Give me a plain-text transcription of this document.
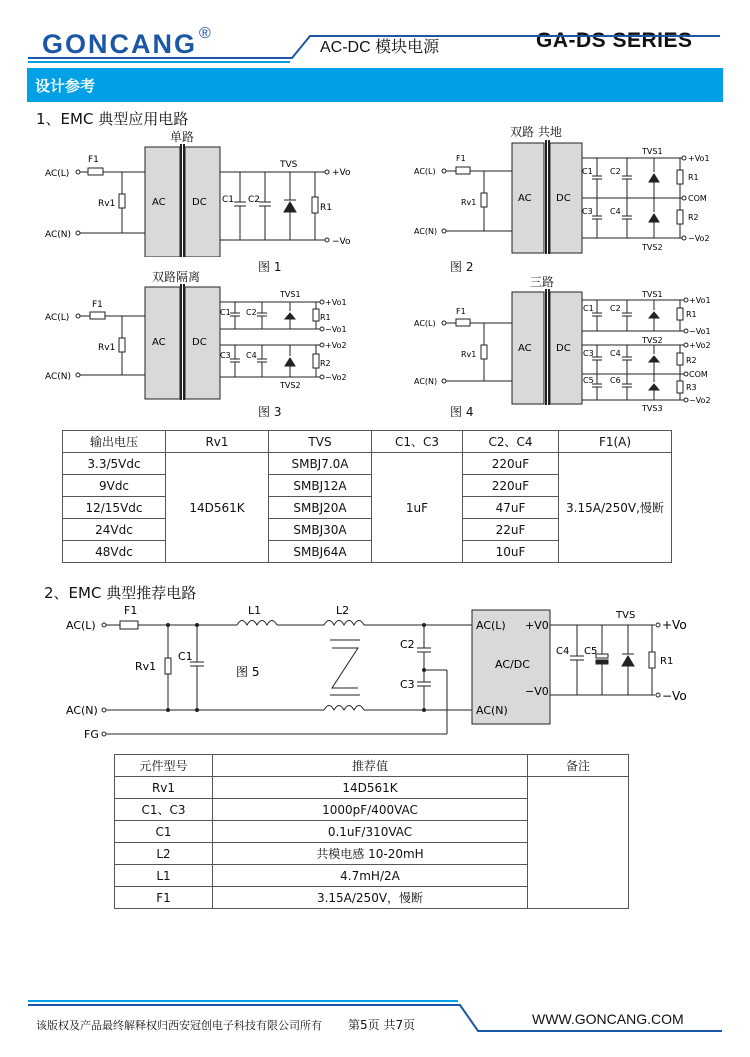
GONCANG ®
AC-DC 模块电源	GA-DS SERIES
设计参考
1、EMC 典型应用电路
单路
AC(L)
AC(N)
F1
Rv1	AC	DC C1 C2
TVS
R1
+Vo
−Vo
图 1
双路 共地
AC(L)
AC(N)
F1
Rv1	AC DC
C1
C3
C2
C4
TVS1
TVS2
R1
R2
+Vo1
COM
−Vo2
图 2
双路隔离
AC(L)
AC(N)
F1
Rv1	AC	DC
C1 C2
C3 C4
TVS1
TVS2
R1
R2
+Vo1
−Vo1
+Vo2
−Vo2
图 3
三路
AC(L)
AC(N)
F1
Rv1
AC DC
C1 C2
C3 C4
C5 C6
TVS1
TVS2
TVS3
R1
R2
R3
+Vo1
−Vo1
+Vo2
COM
−Vo2
图 4
输出电压	Rv1	TVS	C1、C3	C2、C4	F1(A)
3.3/5Vdc	14D561K	SMBJ7.0A	1uF	220uF	3.15A/250V,慢断
9Vdc		SMBJ12A		220uF	
12/15Vdc		SMBJ20A		47uF	
24Vdc		SMBJ30A		22uF	
48Vdc		SMBJ64A		10uF	
2、EMC 典型推荐电路
AC(L)
AC(N)
FG
F1	L1	L2
Rv1
C1
C2
C3
图 5
AC(L) +V0
AC/DC
−V0
AC(N)
C4 C5
TVS
R1
+Vo
−Vo
元件型号	推荐值	备注
Rv1	14D561K	
C1、C3	1000pF/400VAC	
C1	0.1uF/310VAC	
L2	共模电感 10-20mH	
L1	4.7mH/2A	
F1	3.15A/250V，慢断	
该版权及产品最终解释权归西安冠创电子科技有限公司所有 第5页 共7页	WWW.GONCANG.COM
